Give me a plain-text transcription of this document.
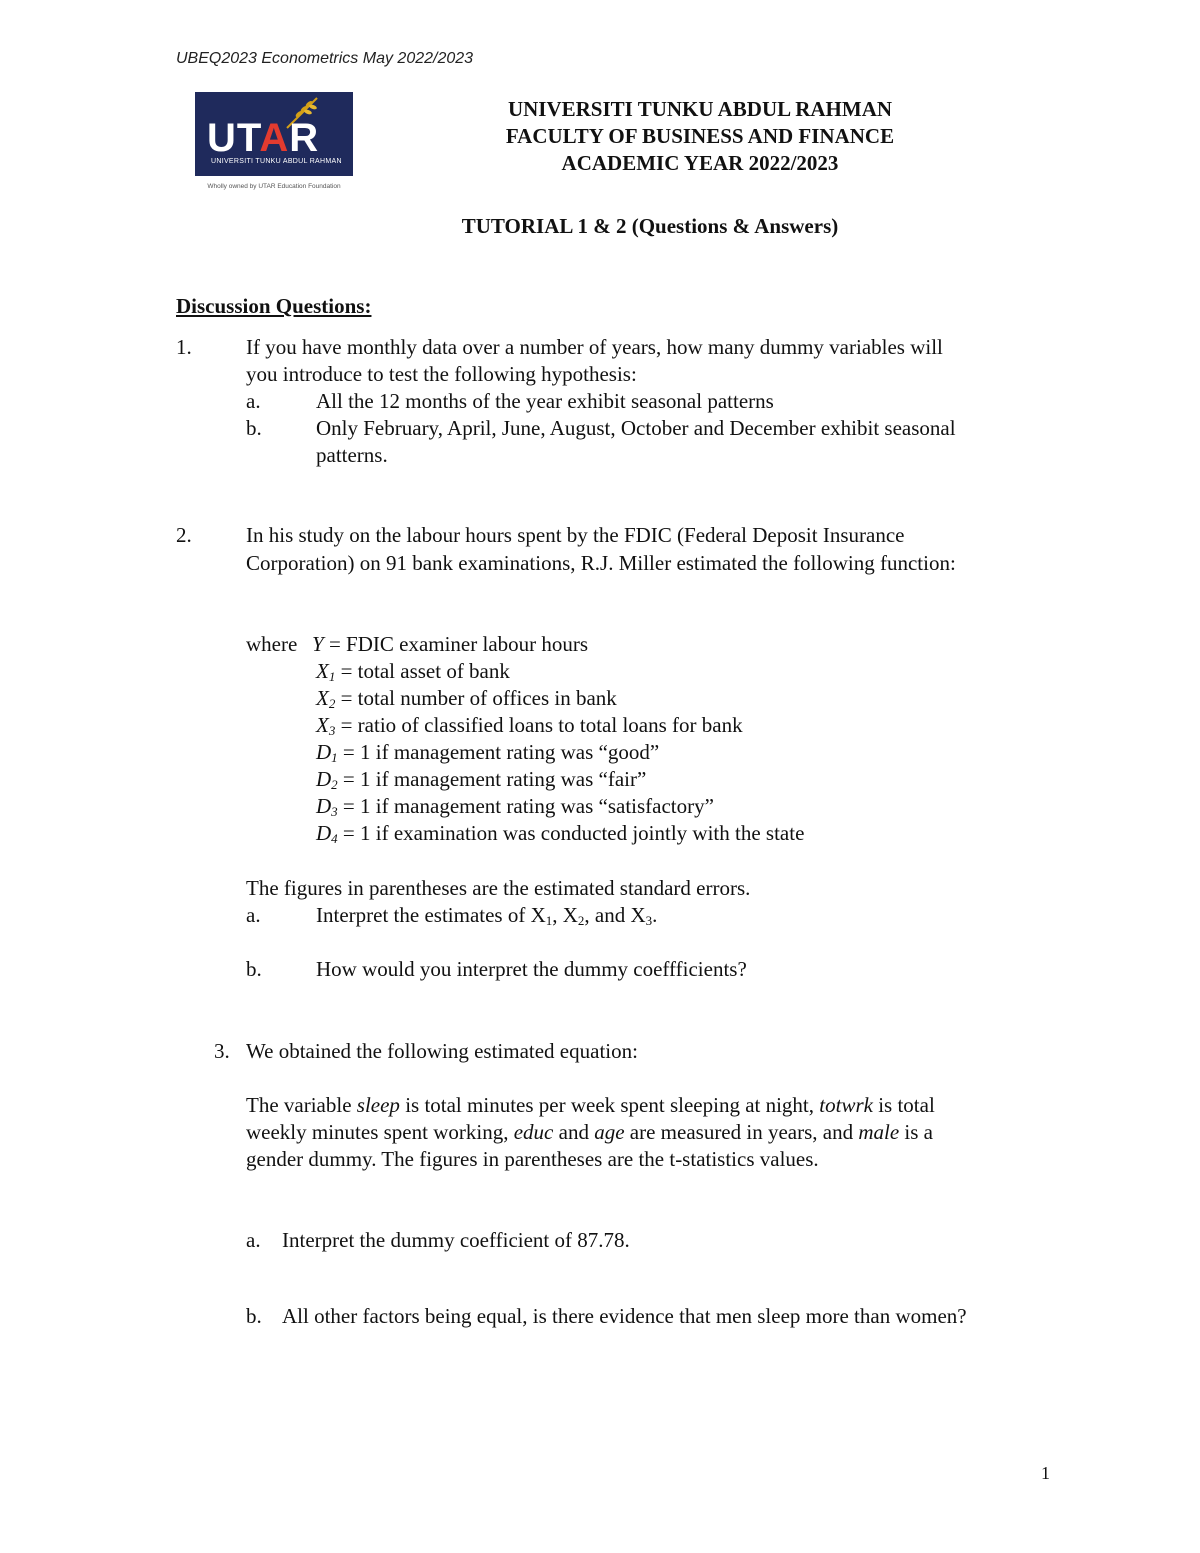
UBEQ2023 Econometrics May 2022/2023
UTAR
UNIVERSITI TUNKU ABDUL RAHMAN
Wholly owned by UTAR Education Foundation
UNIVERSITI TUNKU ABDUL RAHMAN
FACULTY OF BUSINESS AND FINANCE
ACADEMIC YEAR 2022/2023
TUTORIAL 1 & 2 (Questions & Answers)
Discussion Questions:
1.	If you have monthly data over a number of years, how many dummy variables will
you introduce to test the following hypothesis:
a.	All the 12 months of the year exhibit seasonal patterns
b.	Only February, April, June, August, October and December exhibit seasonal
patterns.
2.	In his study on the labour hours spent by the FDIC (Federal Deposit Insurance
Corporation) on 91 bank examinations, R.J. Miller estimated the following function:
where Y = FDIC examiner labour hours
$X_1$ = total asset of bank
$X_2$ = total number of offices in bank
$X_3$ = ratio of classified loans to total loans for bank
$D_1 = 1$ if management rating was “good”
$D_2 = 1$ if management rating was “fair”
$D_3 = 1$ if management rating was “satisfactory”
$D_4 = 1$ if examination was conducted jointly with the state
The figures in parentheses are the estimated standard errors.
a.	Interpret the estimates of $X_1$, $X_2$, and $X_3$.
b.	How would you interpret the dummy coeffficients?
3. We obtained the following estimated equation:
The variable sleep is total minutes per week spent sleeping at night, totwrk is total
weekly minutes spent working, educ and age are measured in years, and male is a
gender dummy. The figures in parentheses are the t-statistics values.
a. Interpret the dummy coefficient of 87.78.
b. All other factors being equal, is there evidence that men sleep more than women?
1
